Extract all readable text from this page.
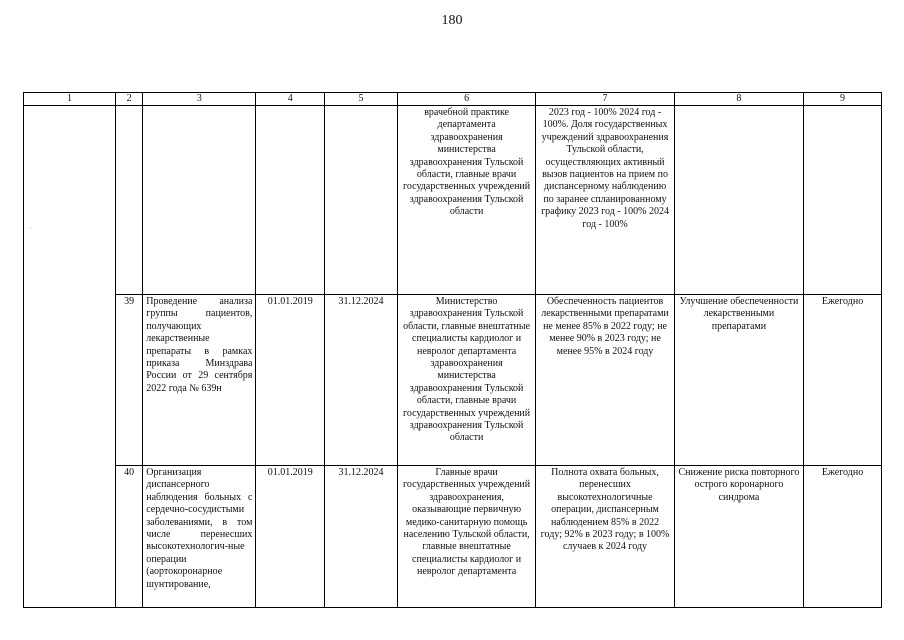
180
·
1	2	3	4	5	6	7	8	9
					врачебной практике департамента здравоохранения министерства здравоохранения Тульской области, главные врачи государственных учреждений здравоохранения Тульской области	2023 год - 100% 2024 год - 100%. Доля государственных учреждений здравоохранения Тульской области, осуществляющих активный вызов пациентов на прием по диспансерному наблюдению по заранее спланированному графику 2023 год - 100% 2024 год - 100%		
	39	Проведение анализа группы пациентов, получающих лекарственные препараты в рамках приказа Минздрава России от 29 сентября 2022 года № 639н	01.01.2019	31.12.2024	Министерство здравоохранения Тульской области, главные внештатные специалисты кардиолог и невролог департамента здравоохранения министерства здравоохранения Тульской области, главные врачи государственных учреждений здравоохранения Тульской области	Обеспеченность пациентов лекарственными препаратами не менее 85% в 2022 году; не менее 90% в 2023 году; не менее 95% в 2024 году	Улучшение обеспеченности лекарственными препаратами	Ежегодно
	40	Организация диспансерного наблюдения больных с сердечно-сосудистыми заболеваниями, в том числе перенесших высокотехнологич-ные операции (аортокоронарное шунтирование,	01.01.2019	31.12.2024	Главные врачи государственных учреждений здравоохранения, оказывающие первичную медико-санитарную помощь населению Тульской области, главные внештатные специалисты кардиолог и невролог департамента	Полнота охвата больных, перенесших высокотехнологичные операции, диспансерным наблюдением 85% в 2022 году; 92% в 2023 году; в 100% случаев к 2024 году	Снижение риска повторного острого коронарного синдрома	Ежегодно
